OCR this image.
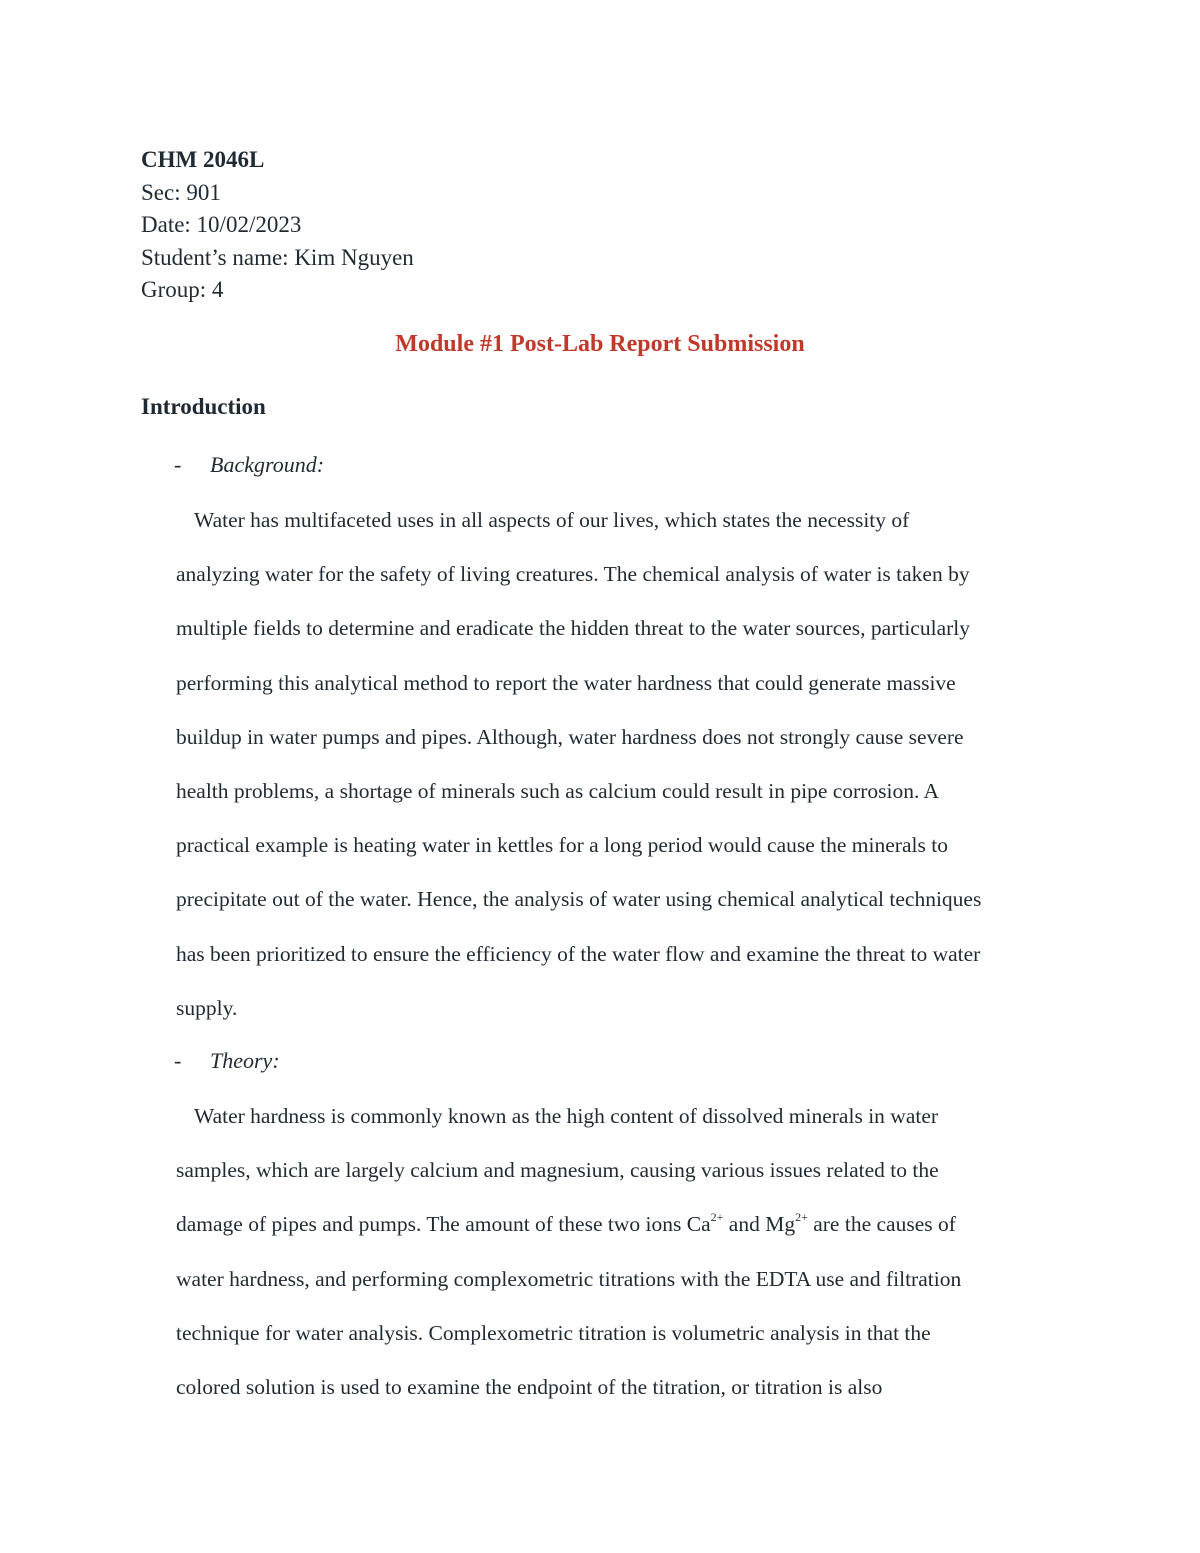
CHM 2046L
Sec: 901
Date: 10/02/2023
Student’s name: Kim Nguyen
Group: 4
Module #1 Post-Lab Report Submission
Introduction
- Background:
Water has multifaceted uses in all aspects of our lives, which states the necessity of
analyzing water for the safety of living creatures. The chemical analysis of water is taken by
multiple fields to determine and eradicate the hidden threat to the water sources, particularly
performing this analytical method to report the water hardness that could generate massive
buildup in water pumps and pipes. Although, water hardness does not strongly cause severe
health problems, a shortage of minerals such as calcium could result in pipe corrosion. A
practical example is heating water in kettles for a long period would cause the minerals to
precipitate out of the water. Hence, the analysis of water using chemical analytical techniques
has been prioritized to ensure the efficiency of the water flow and examine the threat to water
supply.
- Theory:
Water hardness is commonly known as the high content of dissolved minerals in water
samples, which are largely calcium and magnesium, causing various issues related to the
damage of pipes and pumps. The amount of these two ions $Ca^{2+}$ and $Mg^{2+}$ are the causes of
water hardness, and performing complexometric titrations with the EDTA use and filtration
technique for water analysis. Complexometric titration is volumetric analysis in that the
colored solution is used to examine the endpoint of the titration, or titration is also
